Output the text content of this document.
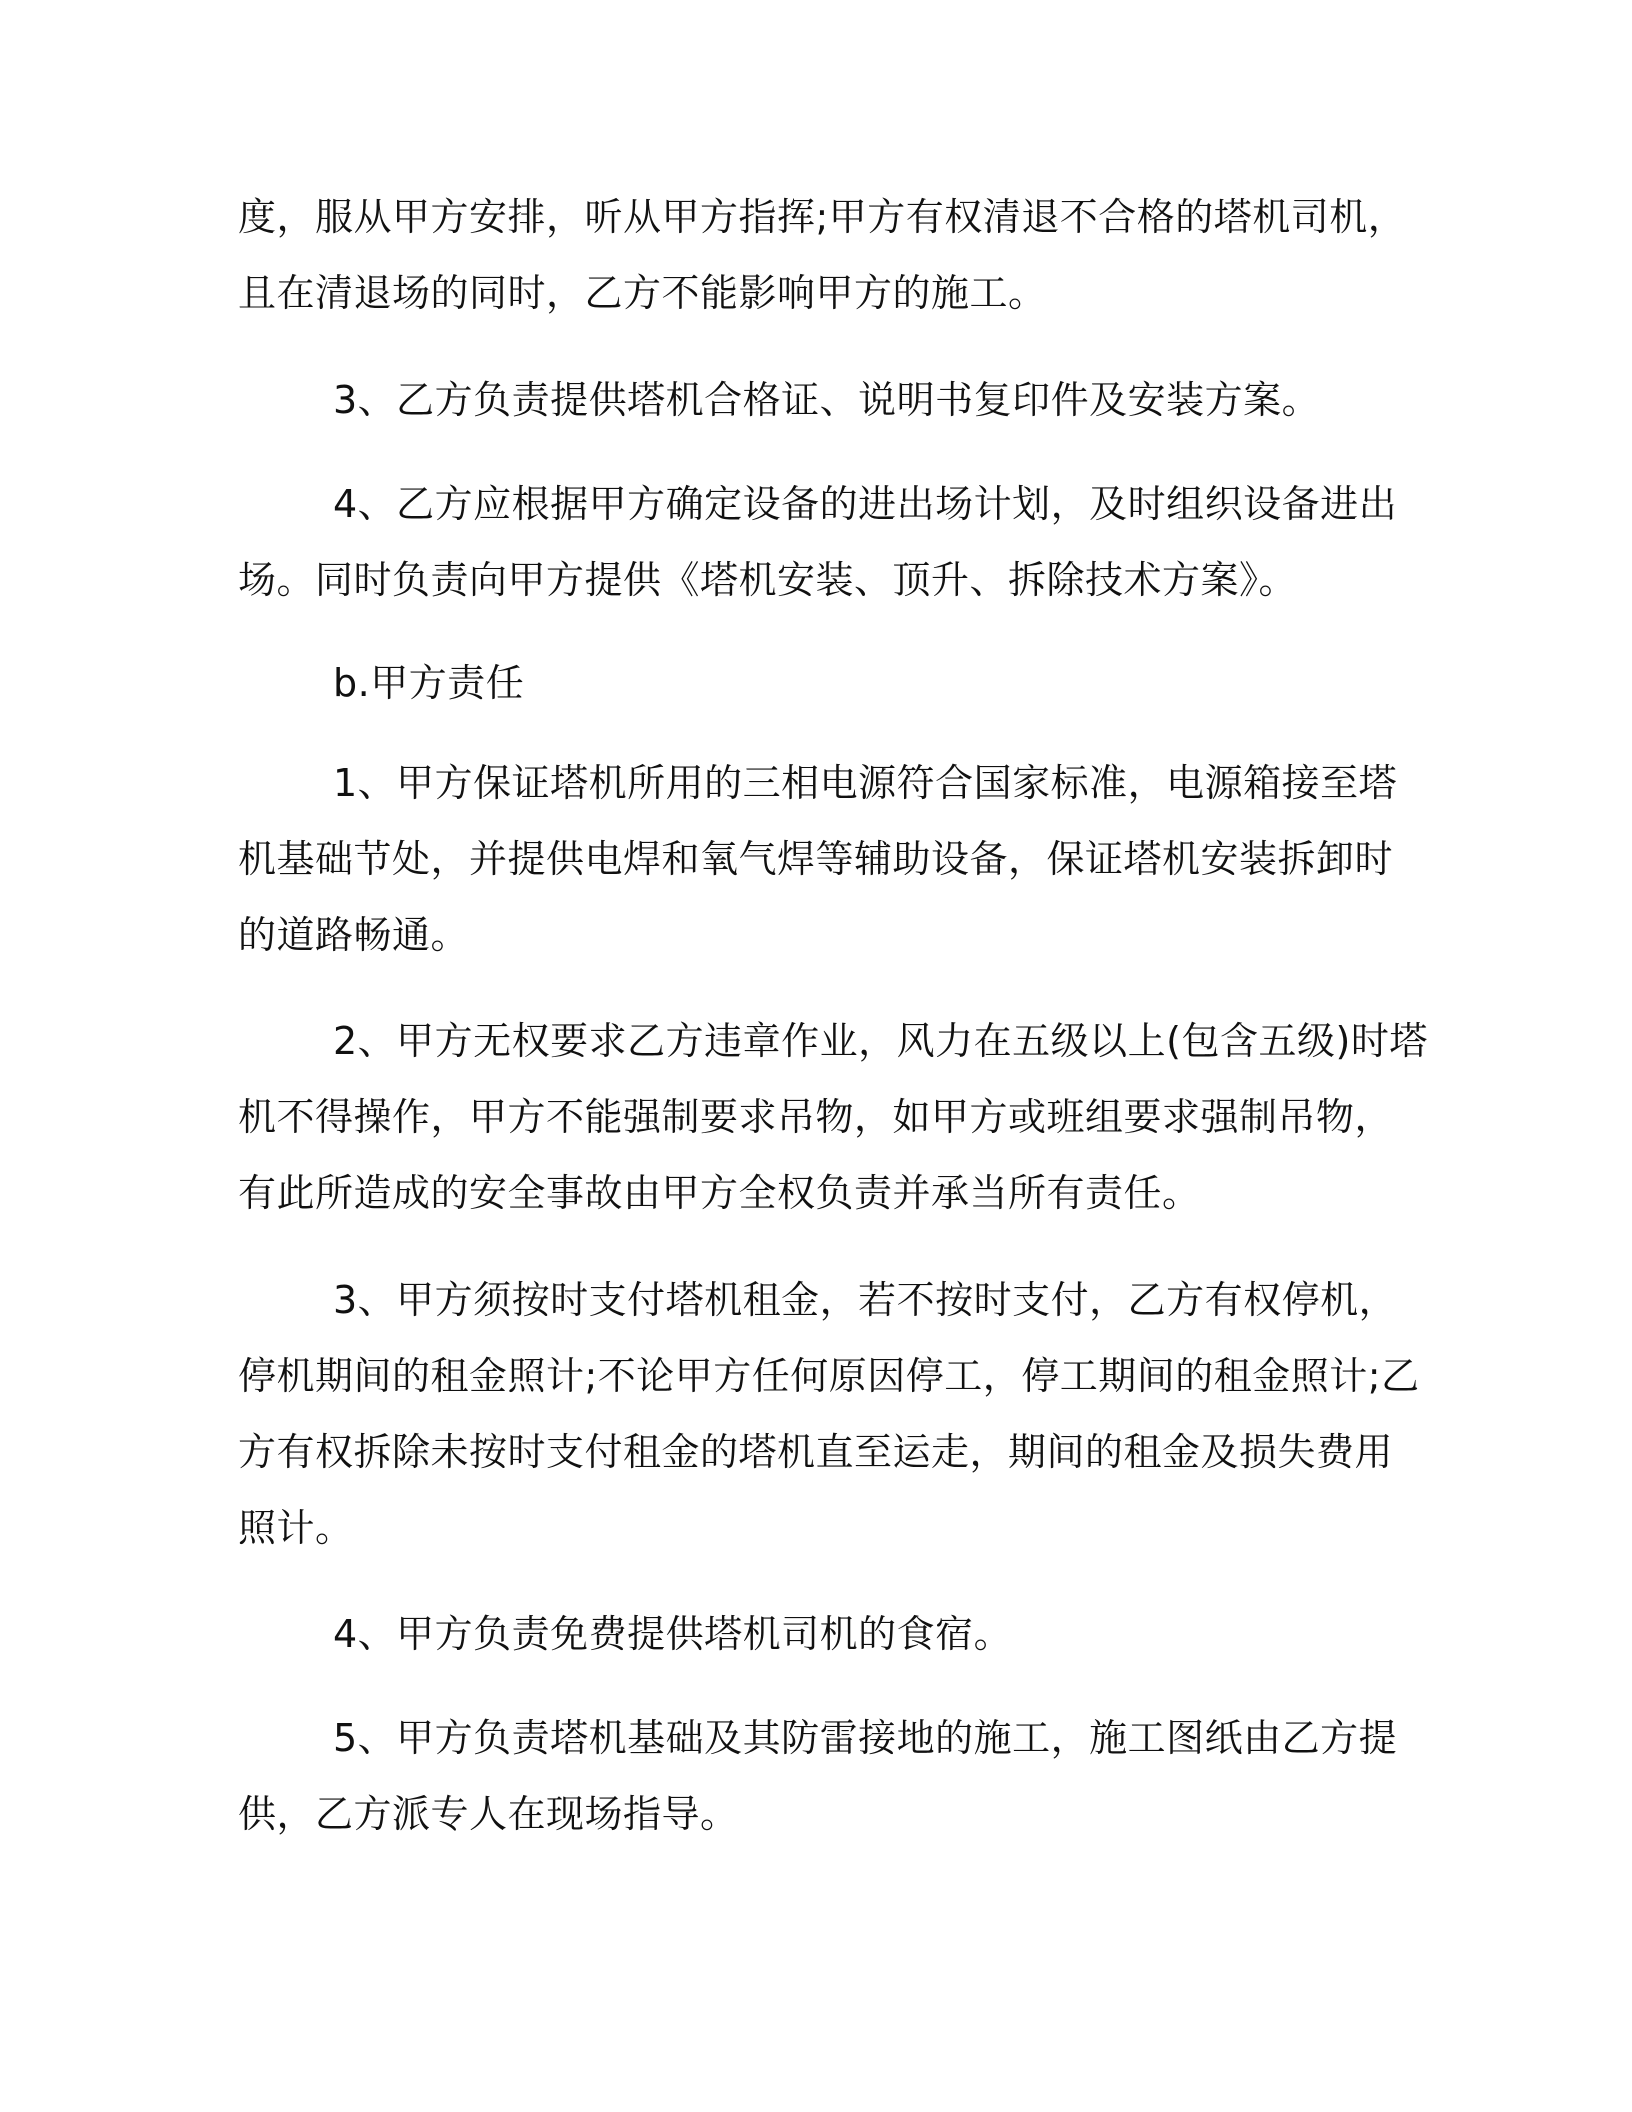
度，服从甲方安排，听从甲方指挥;甲方有权清退不合格的塔机司机，
且在清退场的同时，乙方不能影响甲方的施工。
3、乙方负责提供塔机合格证、说明书复印件及安装方案。
4、乙方应根据甲方确定设备的进出场计划，及时组织设备进出
场。同时负责向甲方提供《塔机安装、顶升、拆除技术方案》。
b.甲方责任
1、甲方保证塔机所用的三相电源符合国家标准，电源箱接至塔
机基础节处，并提供电焊和氧气焊等辅助设备，保证塔机安装拆卸时
的道路畅通。
2、甲方无权要求乙方违章作业，风力在五级以上(包含五级)时塔
机不得操作，甲方不能强制要求吊物，如甲方或班组要求强制吊物，
有此所造成的安全事故由甲方全权负责并承当所有责任。
3、甲方须按时支付塔机租金，若不按时支付，乙方有权停机，
停机期间的租金照计;不论甲方任何原因停工，停工期间的租金照计;乙
方有权拆除未按时支付租金的塔机直至运走，期间的租金及损失费用
照计。
4、甲方负责免费提供塔机司机的食宿。
5、甲方负责塔机基础及其防雷接地的施工，施工图纸由乙方提
供，乙方派专人在现场指导。
